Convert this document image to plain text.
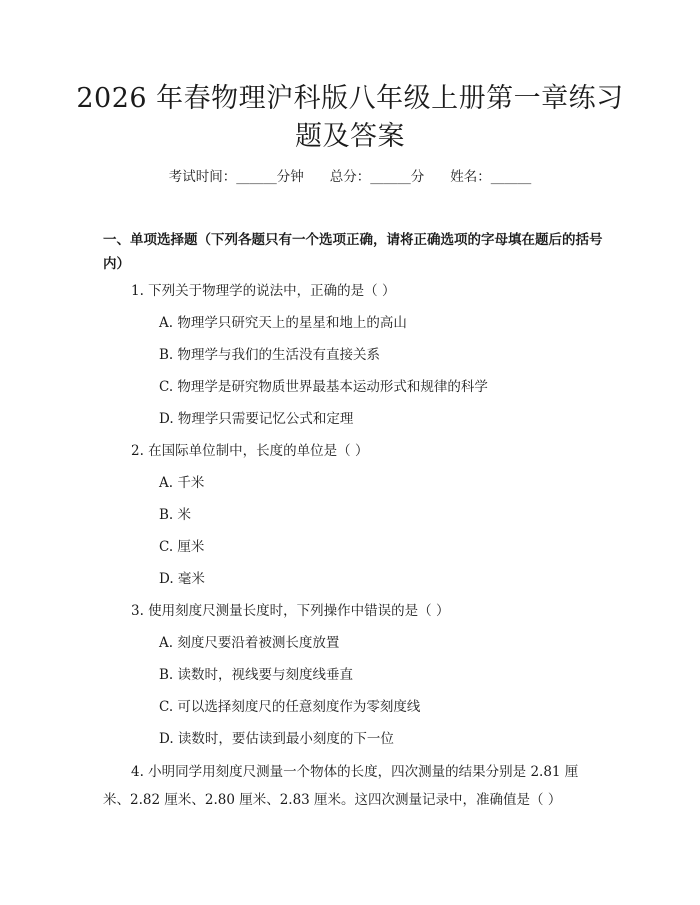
2026 年春物理沪科版八年级上册第一章练习
题及答案
考试时间：______分钟 总分：______分 姓名：______
一、单项选择题（下列各题只有一个选项正确，请将正确选项的字母填在题后的括号内）
1. 下列关于物理学的说法中，正确的是（ ）
A. 物理学只研究天上的星星和地上的高山
B. 物理学与我们的生活没有直接关系
C. 物理学是研究物质世界最基本运动形式和规律的科学
D. 物理学只需要记忆公式和定理
2. 在国际单位制中，长度的单位是（ ）
A. 千米
B. 米
C. 厘米
D. 毫米
3. 使用刻度尺测量长度时，下列操作中错误的是（ ）
A. 刻度尺要沿着被测长度放置
B. 读数时，视线要与刻度线垂直
C. 可以选择刻度尺的任意刻度作为零刻度线
D. 读数时，要估读到最小刻度的下一位
4. 小明同学用刻度尺测量一个物体的长度，四次测量的结果分别是 2.81 厘米、2.82 厘米、2.80 厘米、2.83 厘米。这四次测量记录中，准确值是（ ）
